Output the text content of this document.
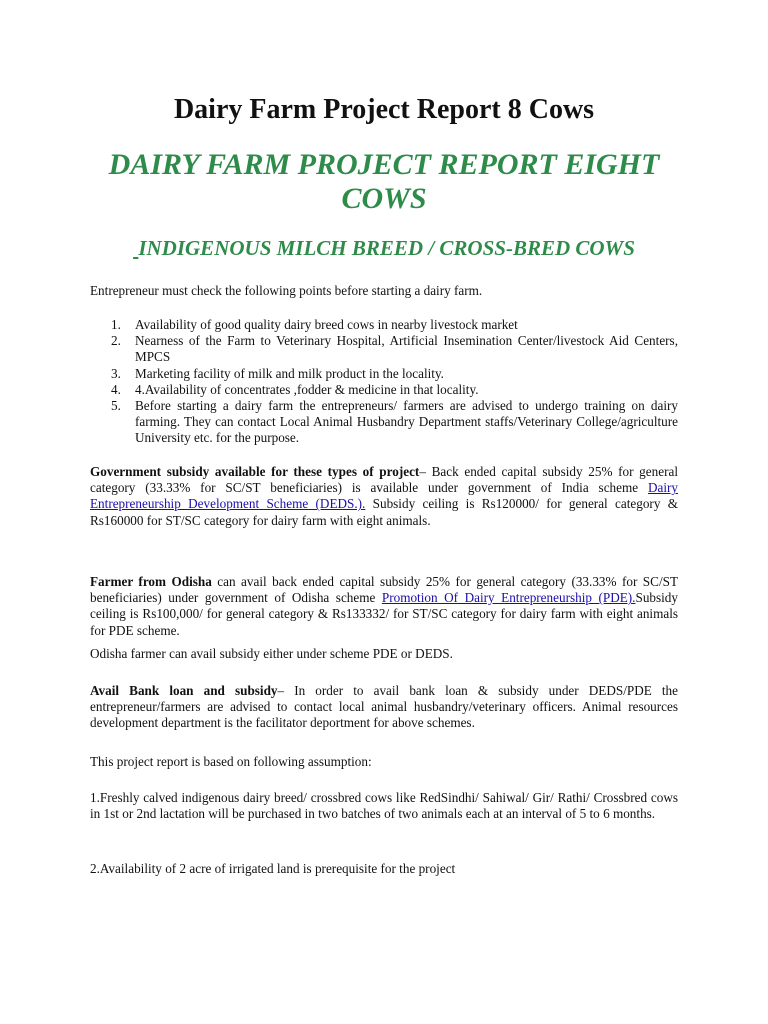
Dairy Farm Project Report 8 Cows
DAIRY FARM PROJECT REPORT EIGHT COWS
INDIGENOUS MILCH BREED / CROSS-BRED COWS

Entrepreneur must check the following points before starting a dairy farm.

1. Availability of good quality dairy breed cows in nearby livestock market
2. Nearness of the Farm to Veterinary Hospital, Artificial Insemination Center/livestock Aid Centers, MPCS
3. Marketing facility of milk and milk product in the locality.
4. 4.Availability of concentrates ,fodder & medicine in that locality.
5. Before starting a dairy farm the entrepreneurs/ farmers are advised to undergo training on dairy farming. They can contact Local Animal Husbandry Department staffs/Veterinary College/agriculture University etc. for the purpose.

Government subsidy available for these types of project– Back ended capital subsidy 25% for general category (33.33% for SC/ST beneficiaries) is available under government of India scheme Dairy Entrepreneurship Development Scheme (DEDS.). Subsidy ceiling is Rs120000/ for general category & Rs160000 for ST/SC category for dairy farm with eight animals.

Farmer from Odisha can avail back ended capital subsidy 25% for general category (33.33% for SC/ST beneficiaries) under government of Odisha scheme Promotion Of Dairy Entrepreneurship (PDE).Subsidy ceiling is Rs100,000/ for general category & Rs133332/ for ST/SC category for dairy farm with eight animals for PDE scheme.

Odisha farmer can avail subsidy either under scheme PDE or DEDS.

Avail Bank loan and subsidy– In order to avail bank loan & subsidy under DEDS/PDE the entrepreneur/farmers are advised to contact local animal husbandry/veterinary officers. Animal resources development department is the facilitator deportment for above schemes.

This project report is based on following assumption:

1.Freshly calved indigenous dairy breed/ crossbred cows like RedSindhi/ Sahiwal/ Gir/ Rathi/ Crossbred cows in 1st or 2nd lactation will be purchased in two batches of two animals each at an interval of 5 to 6 months.

2.Availability of 2 acre of irrigated land is prerequisite for the project
